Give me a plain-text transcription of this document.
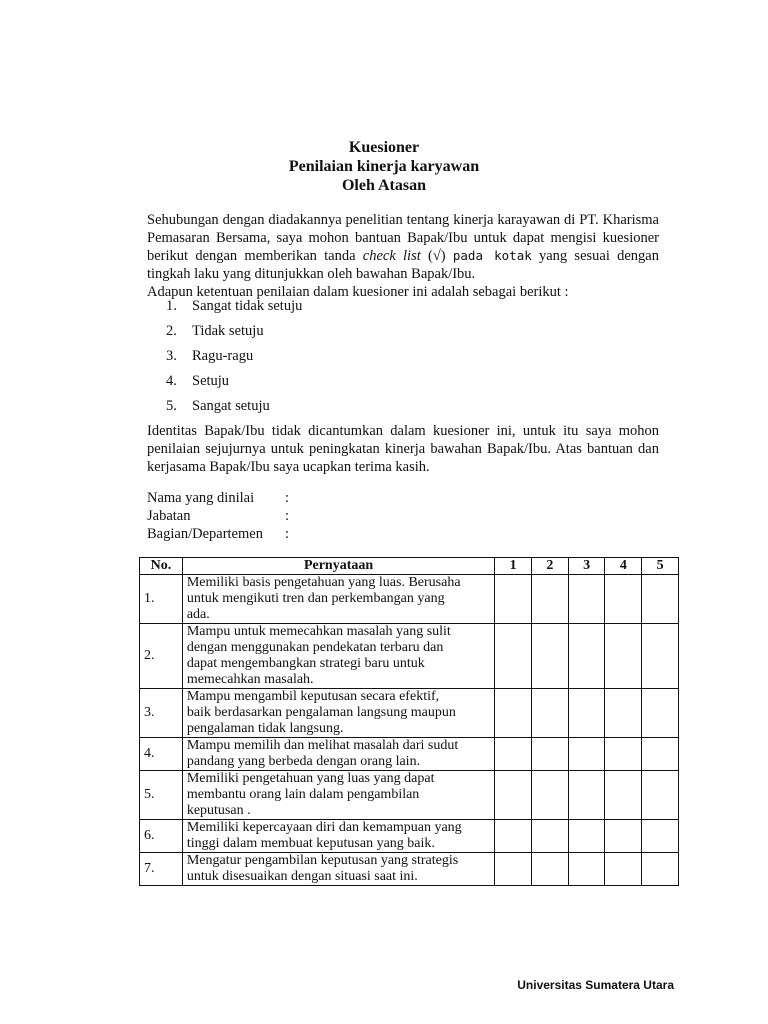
Kuesioner
Penilaian kinerja karyawan
Oleh Atasan

Sehubungan dengan diadakannya penelitian tentang kinerja karayawan di PT. Kharisma Pemasaran Bersama, saya mohon bantuan Bapak/Ibu untuk dapat mengisi kuesioner berikut dengan memberikan tanda check list (√) pada kotak yang sesuai dengan tingkah laku yang ditunjukkan oleh bawahan Bapak/Ibu.

Adapun ketentuan penilaian dalam kuesioner ini adalah sebagai berikut :

1. Sangat tidak setuju
2. Tidak setuju
3. Ragu-ragu
4. Setuju
5. Sangat setuju
Identitas Bapak/Ibu tidak dicantumkan dalam kuesioner ini, untuk itu saya mohon penilaian sejujurnya untuk peningkatan kinerja bawahan Bapak/Ibu. Atas bantuan dan kerjasama Bapak/Ibu saya ucapkan terima kasih.
Nama yang dinilai :
Jabatan	:
Bagian/Departemen :
No.	Pernyataan	1	2	3	4	5
1.	Memiliki basis pengetahuan yang luas. Berusaha
untuk mengikuti tren dan perkembangan yang
ada.					

2.	Mampu untuk memecahkan masalah yang sulit
dengan menggunakan pendekatan terbaru dan
dapat mengembangkan strategi baru untuk
memecahkan masalah.					

3.	Mampu mengambil keputusan secara efektif,
baik berdasarkan pengalaman langsung maupun
pengalaman tidak langsung.					

4.	Mampu memilih dan melihat masalah dari sudut
pandang yang berbeda dengan orang lain.					

5.	Memiliki pengetahuan yang luas yang dapat
membantu orang lain dalam pengambilan
keputusan .					

6.	Memiliki kepercayaan diri dan kemampuan yang
tinggi dalam membuat keputusan yang baik.					

7.	Mengatur pengambilan keputusan yang strategis
untuk disesuaikan dengan situasi saat ini.					

Universitas Sumatera Utara
